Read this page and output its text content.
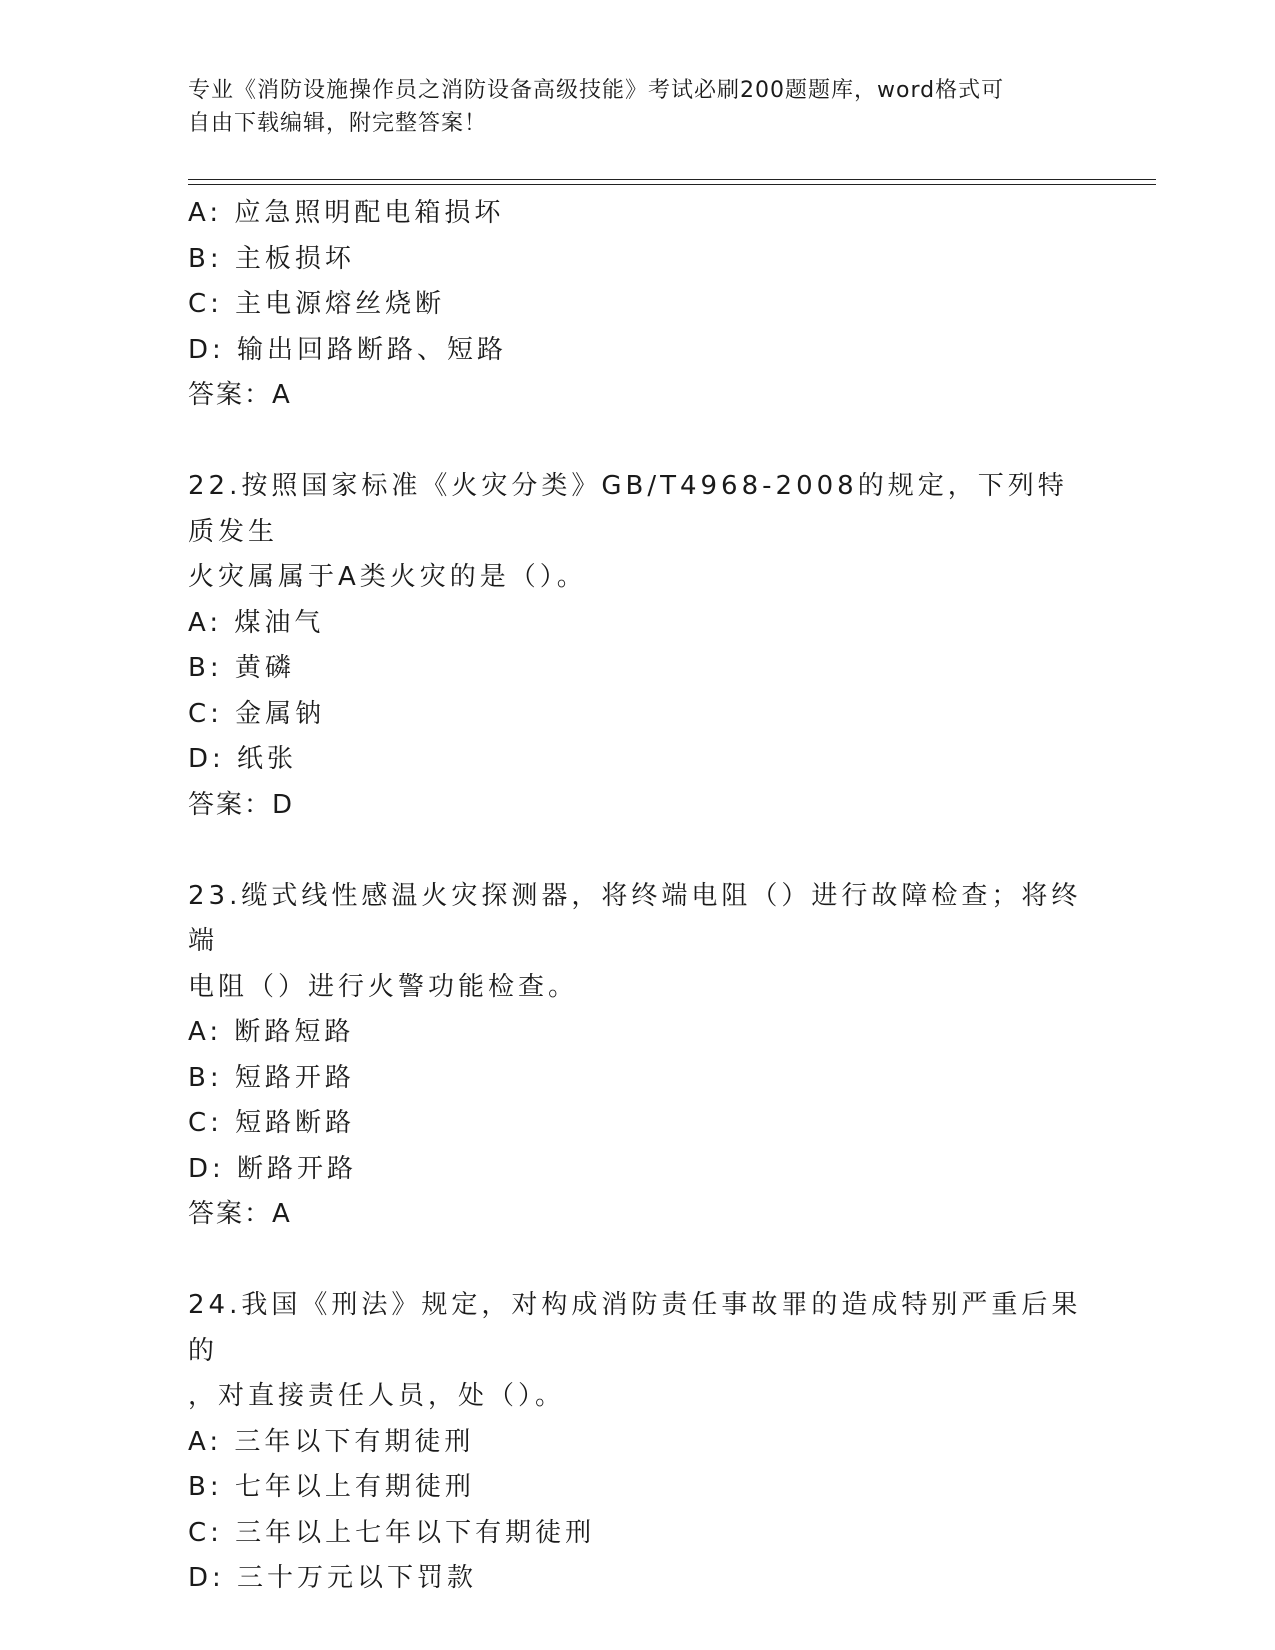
专业《消防设施操作员之消防设备高级技能》考试必刷200题题库，word格式可
自由下载编辑，附完整答案！
A: 应急照明配电箱损坏
B: 主板损坏
C: 主电源熔丝烧断
D: 输出回路断路、短路
答案：A
22.按照国家标准《火灾分类》GB/T4968-2008的规定，下列特质发生
火灾属属于A类火灾的是（）。
A: 煤油气
B: 黄磷
C: 金属钠
D: 纸张
答案：D
23.缆式线性感温火灾探测器，将终端电阻（）进行故障检查；将终端
电阻（）进行火警功能检查。
A: 断路短路
B: 短路开路
C: 短路断路
D: 断路开路
答案：A
24.我国《刑法》规定，对构成消防责任事故罪的造成特别严重后果的
，对直接责任人员，处（）。
A: 三年以下有期徒刑
B: 七年以上有期徒刑
C: 三年以上七年以下有期徒刑
D: 三十万元以下罚款
